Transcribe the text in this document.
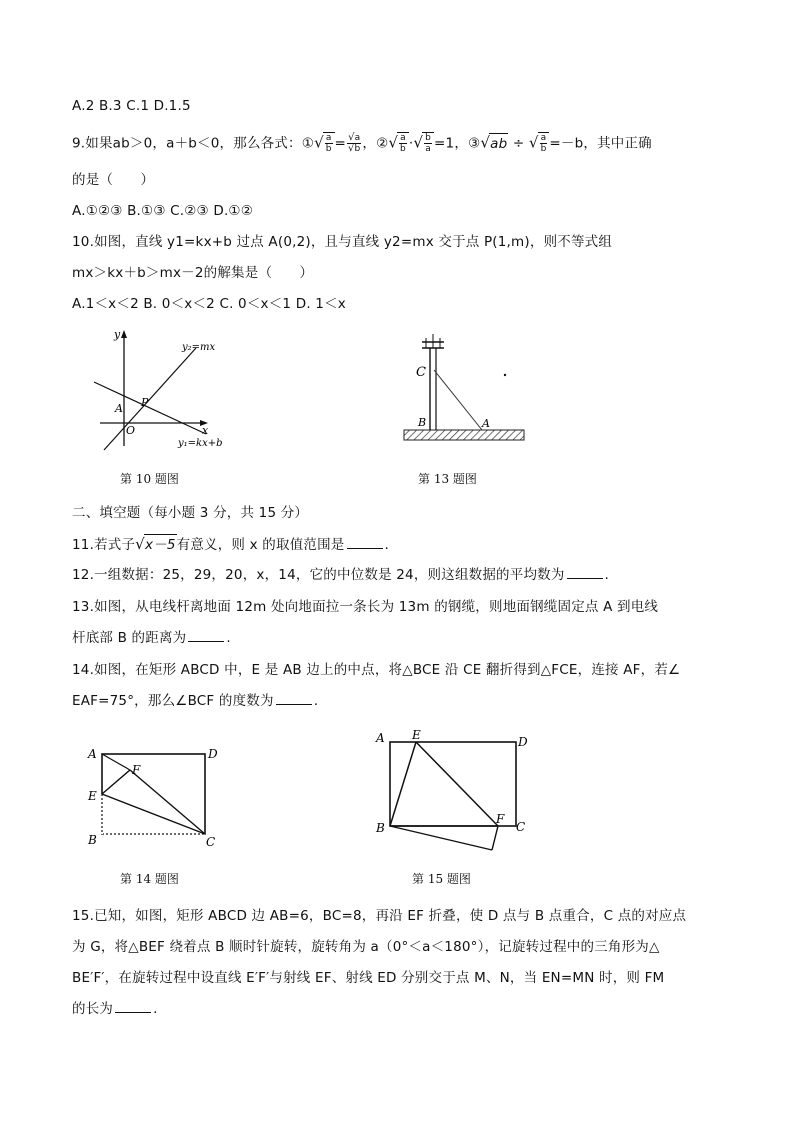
A.2 B.3 C.1 D.1.5
9.如果ab＞0，a＋b＜0，那么各式：①√ $\frac{a}{b} = \frac{√a}{√b}$ ，②√ $\frac{a}{b}$ ·√ $\frac{b}{a} =1$，③√ab ÷ √ $\frac{a}{b} =-b$，其中正确
的是（　　）
A.①②③ B.①③ C.②③ D.①②
10.如图，直线 y1=kx+b 过点 A(0,2)，且与直线 y2=mx 交于点 P(1,m)，则不等式组
mx＞kx＋b＞mx－2的解集是（　　）
A.1＜x＜2 B. 0＜x＜2 C. 0＜x＜1 D. 1＜x
y
x
A P
O
y₂=mx
y₁=kx+b
第 10 题图
C
B	A
第 13 题图
二、填空题（每小题 3 分，共 15 分）
11.若式子√x－5有意义，则 x 的取值范围是	.
12.一组数据：25，29，20，x，14，它的中位数是 24，则这组数据的平均数为	.
13.如图，从电线杆离地面 12m 处向地面拉一条长为 13m 的钢缆，则地面钢缆固定点 A 到电线
杆底部 B 的距离为	.
14.如图，在矩形 ABCD 中，E 是 AB 边上的中点，将△BCE 沿 CE 翻折得到△FCE，连接 AF，若∠
EAF=75°，那么∠BCF 的度数为	.
A	D
F
E
B	C
第 14 题图
A E	D
B
F
C
第 15 题图
15.已知，如图，矩形 ABCD 边 AB=6，BC=8，再沿 EF 折叠，使 D 点与 B 点重合，C 点的对应点
为 G，将△BEF 绕着点 B 顺时针旋转，旋转角为 a（0°＜a＜180°），记旋转过程中的三角形为△
BE′F′，在旋转过程中设直线 E′F′与射线 EF、射线 ED 分别交于点 M、N，当 EN=MN 时，则 FM
的长为	.
